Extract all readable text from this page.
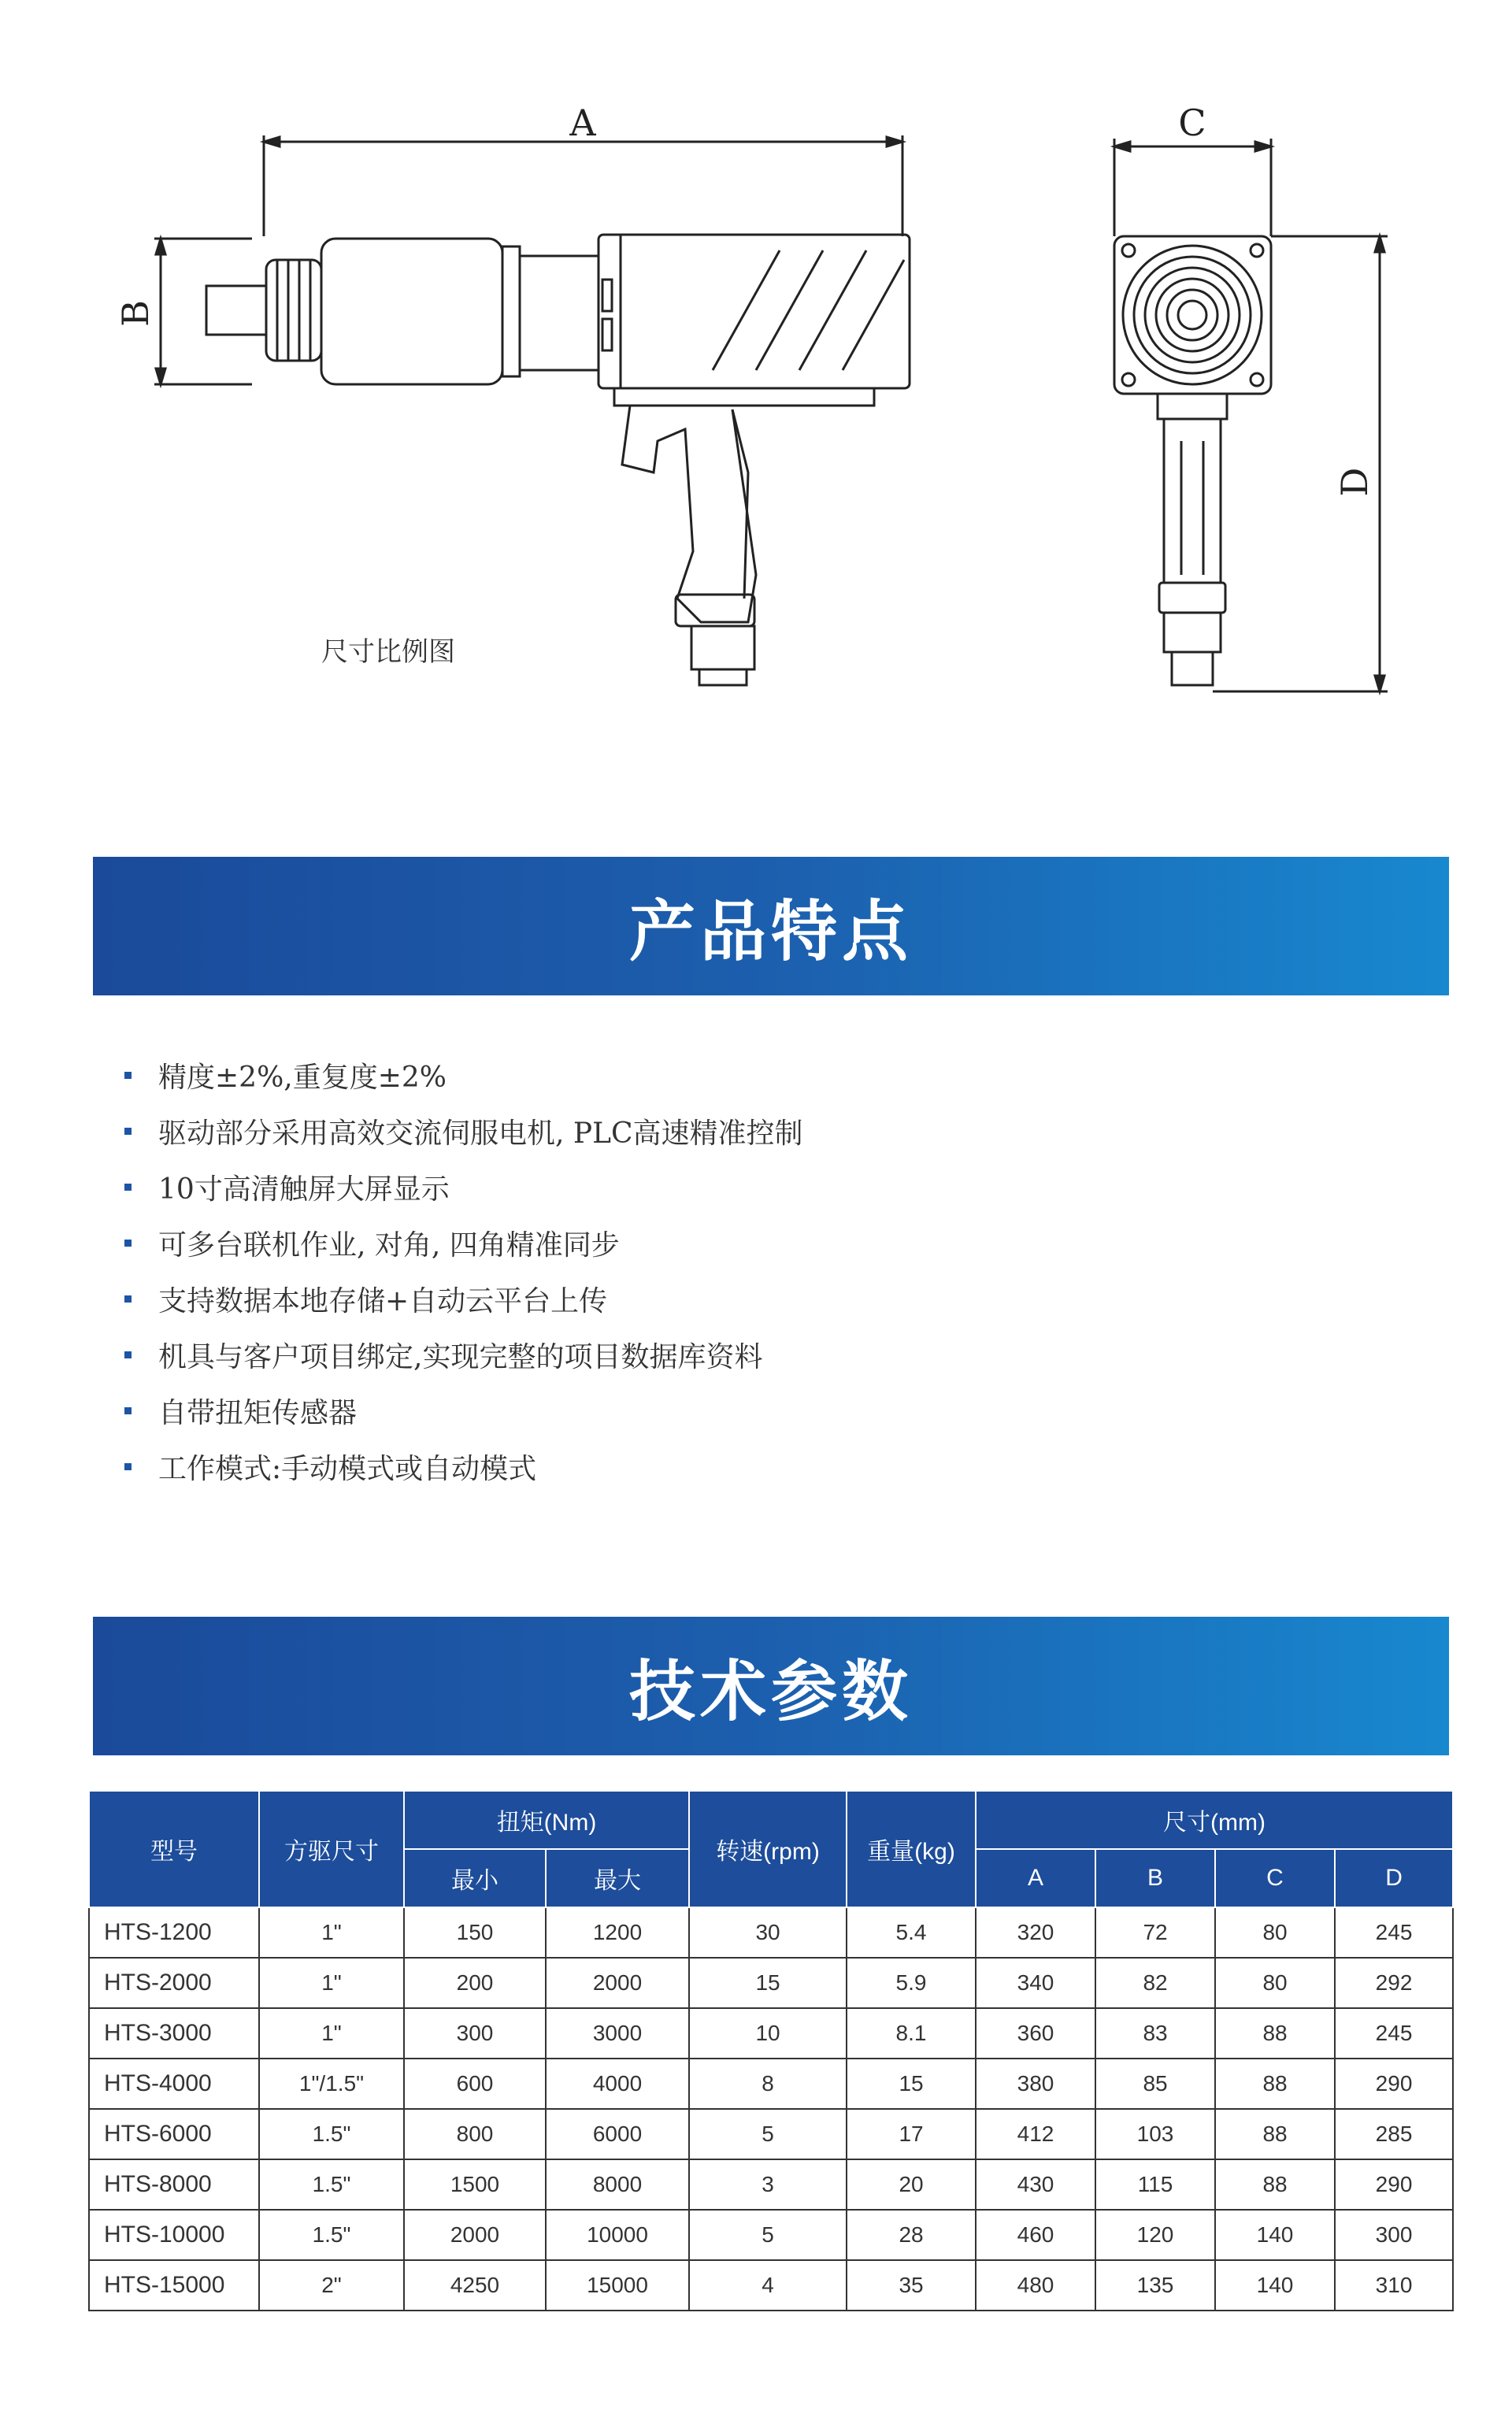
A
B
C
D
尺寸比例图
产品特点
精度±2%,重复度±2%
驱动部分采用高效交流伺服电机, PLC高速精准控制
10寸高清触屏大屏显示
可多台联机作业, 对角, 四角精准同步
支持数据本地存储+自动云平台上传
机具与客户项目绑定,实现完整的项目数据库资料
自带扭矩传感器
工作模式:手动模式或自动模式
技术参数
型号	方驱尺寸	扭矩(Nm)		转速(rpm)	重量(kg)	尺寸(mm)			
		最小	最大			A	B	C	D
HTS-1200	1"	150	1200	30	5.4	320	72	80	245
HTS-2000	1"	200	2000	15	5.9	340	82	80	292
HTS-3000	1"	300	3000	10	8.1	360	83	88	245
HTS-4000	1"/1.5"	600	4000	8	15	380	85	88	290
HTS-6000	1.5"	800	6000	5	17	412	103	88	285
HTS-8000	1.5"	1500	8000	3	20	430	115	88	290
HTS-10000	1.5"	2000	10000	5	28	460	120	140	300
HTS-15000	2"	4250	15000	4	35	480	135	140	310
